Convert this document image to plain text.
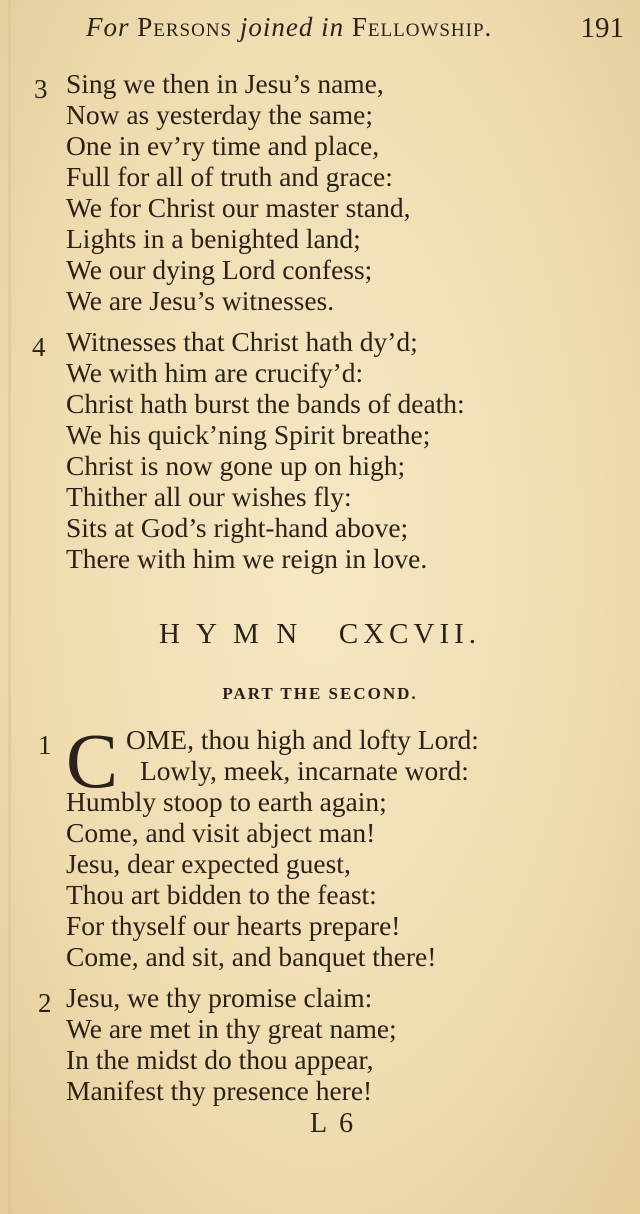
For Persons joined in Fellowship.	191
3 Sing we then in Jesu’s name,
Now as yesterday the same;
One in ev’ry time and place,
Full for all of truth and grace:
We for Christ our master stand,
Lights in a benighted land;
We our dying Lord confess;
We are Jesu’s witnesses.
4 Witnesses that Christ hath dy’d;
We with him are crucify’d:
Christ hath burst the bands of death:
We his quick’ning Spirit breathe;
Christ is now gone up on high;
Thither all our wishes fly:
Sits at God’s right-hand above;
There with him we reign in love.
H Y M N   CXCVII.
PART THE SECOND.
1 C OME, thou high and lofty Lord:
Lowly, meek, incarnate word:
Humbly stoop to earth again;
Come, and visit abject man!
Jesu, dear expected guest,
Thou art bidden to the feast:
For thyself our hearts prepare!
Come, and sit, and banquet there!
2 Jesu, we thy promise claim:
We are met in thy great name;
In the midst do thou appear,
Manifest thy presence here!
L 6
